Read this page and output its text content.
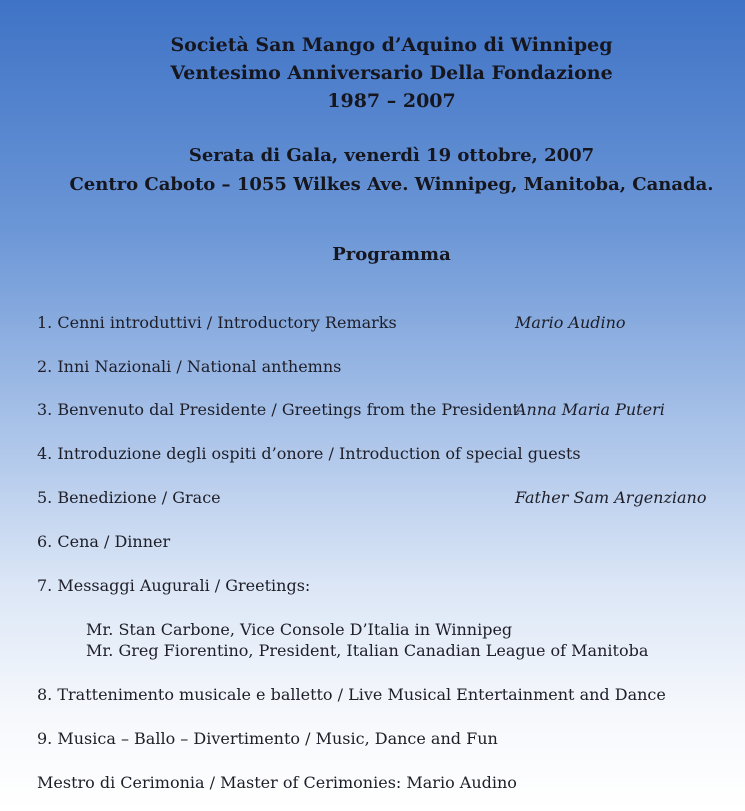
Società San Mango d’Aquino di Winnipeg
Ventesimo Anniversario Della Fondazione
1987 – 2007
Serata di Gala, venerdì 19 ottobre, 2007
Centro Caboto – 1055 Wilkes Ave. Winnipeg, Manitoba, Canada.
Programma
1. Cenni introduttivi / Introductory Remarks	Mario Audino
2. Inni Nazionali / National anthemns
3. Benvenuto dal Presidente / Greetings from the President
Anna Maria Puteri
4. Introduzione degli ospiti d’onore / Introduction of special guests
5. Benedizione / Grace	Father Sam Argenziano
6. Cena / Dinner
7. Messaggi Augurali / Greetings:
Mr. Stan Carbone, Vice Console D’Italia in Winnipeg
Mr. Greg Fiorentino, President, Italian Canadian League of Manitoba
8. Trattenimento musicale e balletto / Live Musical Entertainment and Dance
9. Musica – Ballo – Divertimento / Music, Dance and Fun
Mestro di Cerimonia / Master of Cerimonies: Mario Audino
